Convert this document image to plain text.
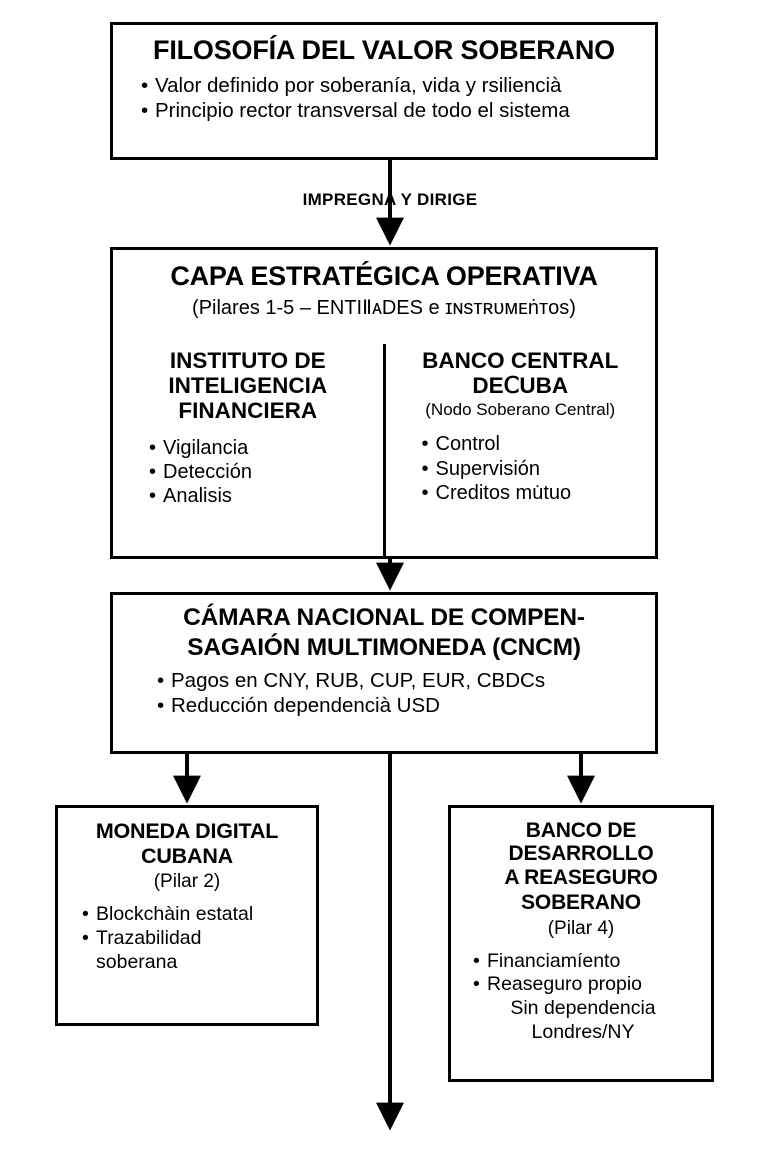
FILOSOFÍA DEL VALOR SOBERANO
• Valor definido por soberanía, vida y rsiliencià
• Principio rector transversal de todo el sistema
IMPREGNA Y DIRIGE
CAPA ESTRATÉGICA OPERATIVA
(Pilares 1-5 – ENTIⅡᴀDES e ɪɴsᴛʀᴜᴍᴇṅᴛos)
INSTITUTO DE INTELIGENCIA FINANCIERA
• Vigilancia
• Detección
• Analisis
BANCO CENTRAL DEⅭUBA
(Nodo Soberano Central)
• Control
• Supervisión
• Creditos mu̇tuo
CÁMARA NACIONAL DE COMPEN-
SAGAIÓN MULTIMONEDA (CNCM)
• Pagos en CNY, RUB, CUP, EUR, CBDCs
• Reducción dependencià USD
MONEDA DIGITAL
CUBANA
(Pilar 2)
• Blockchàin estatal
• Trazabilidad
soberana
BANCO DE DESARROLLO
A REASEGURO
SOBERANO
(Pilar 4)
• Financiamíento
• Reaseguro propio
Sin dependencia
Londres/NY
